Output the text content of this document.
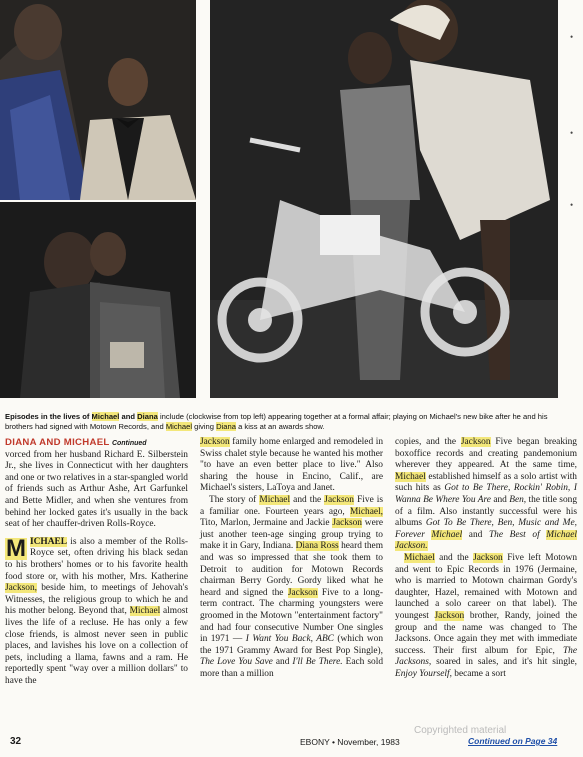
Episodes in the lives of Michael and Diana include (clockwise from top left) appearing together at a formal affair; playing on Michael's new bike after he and his brothers had signed with Motown Records, and Michael giving Diana a kiss at an awards show.

DIANA AND MICHAEL Continued

vorced from her husband Richard E. Silberstein Jr., she lives in Connecticut with her daughters and one or two relatives in a star-spangled world of friends such as Arthur Ashe, Art Garfunkel and Bette Midler, and when she ventures from behind her locked gates it's usually in the back seat of her chauffer-driven Rolls-Royce.

M ICHAEL is also a member of the Rolls-Royce set, often driving his black sedan to his brothers' homes or to his favorite health food store or, with his mother, Mrs. Katherine Jackson, beside him, to meetings of Jehovah's Witnesses, the religious group to which he and his mother belong. Beyond that, Michael almost lives the life of a recluse. He has only a few close friends, is almost never seen in public places, and lavishes his love on a collection of pets, including a llama, fawns and a ram. He reportedly spent "way over a million dollars" to have the

Jackson family home enlarged and remodeled in Swiss chalet style because he wanted his mother "to have an even better place to live." Also sharing the house in Encino, Calif., are Michael's sisters, LaToya and Janet.

The story of Michael and the Jackson Five is a familiar one. Fourteen years ago, Michael, Tito, Marlon, Jermaine and Jackie Jackson were just another teen-age singing group trying to make it in Gary, Indiana. Diana Ross heard them and was so impressed that she took them to Detroit to audition for Motown Records chairman Berry Gordy. Gordy liked what he heard and signed the Jackson Five to a long-term contract. The charming youngsters were groomed in the Motown "entertainment factory" and had four consecutive Number One singles in 1971 — I Want You Back, ABC (which won the 1971 Grammy Award for Best Pop Single), The Love You Save and I'll Be There. Each sold more than a million

copies, and the Jackson Five began breaking boxoffice records and creating pandemonium wherever they appeared. At the same time, Michael established himself as a solo artist with such hits as Got to Be There, Rockin' Robin, I Wanna Be Where You Are and Ben, the title song of a film. Also instantly successful were his albums Got To Be There, Ben, Music and Me, Forever Michael and The Best of Michael Jackson.

Michael and the Jackson Five left Motown and went to Epic Records in 1976 (Jermaine, who is married to Motown chairman Gordy's daughter, Hazel, remained with Motown and launched a solo career on that label). The youngest Jackson brother, Randy, joined the group and the name was changed to The Jacksons. Once again they met with immediate success. Their first album for Epic, The Jacksons, soared in sales, and it's hit single, Enjoy Yourself, became a sort

Copyrighted material
32	EBONY • November, 1983	Continued on Page 34
•
•
•
